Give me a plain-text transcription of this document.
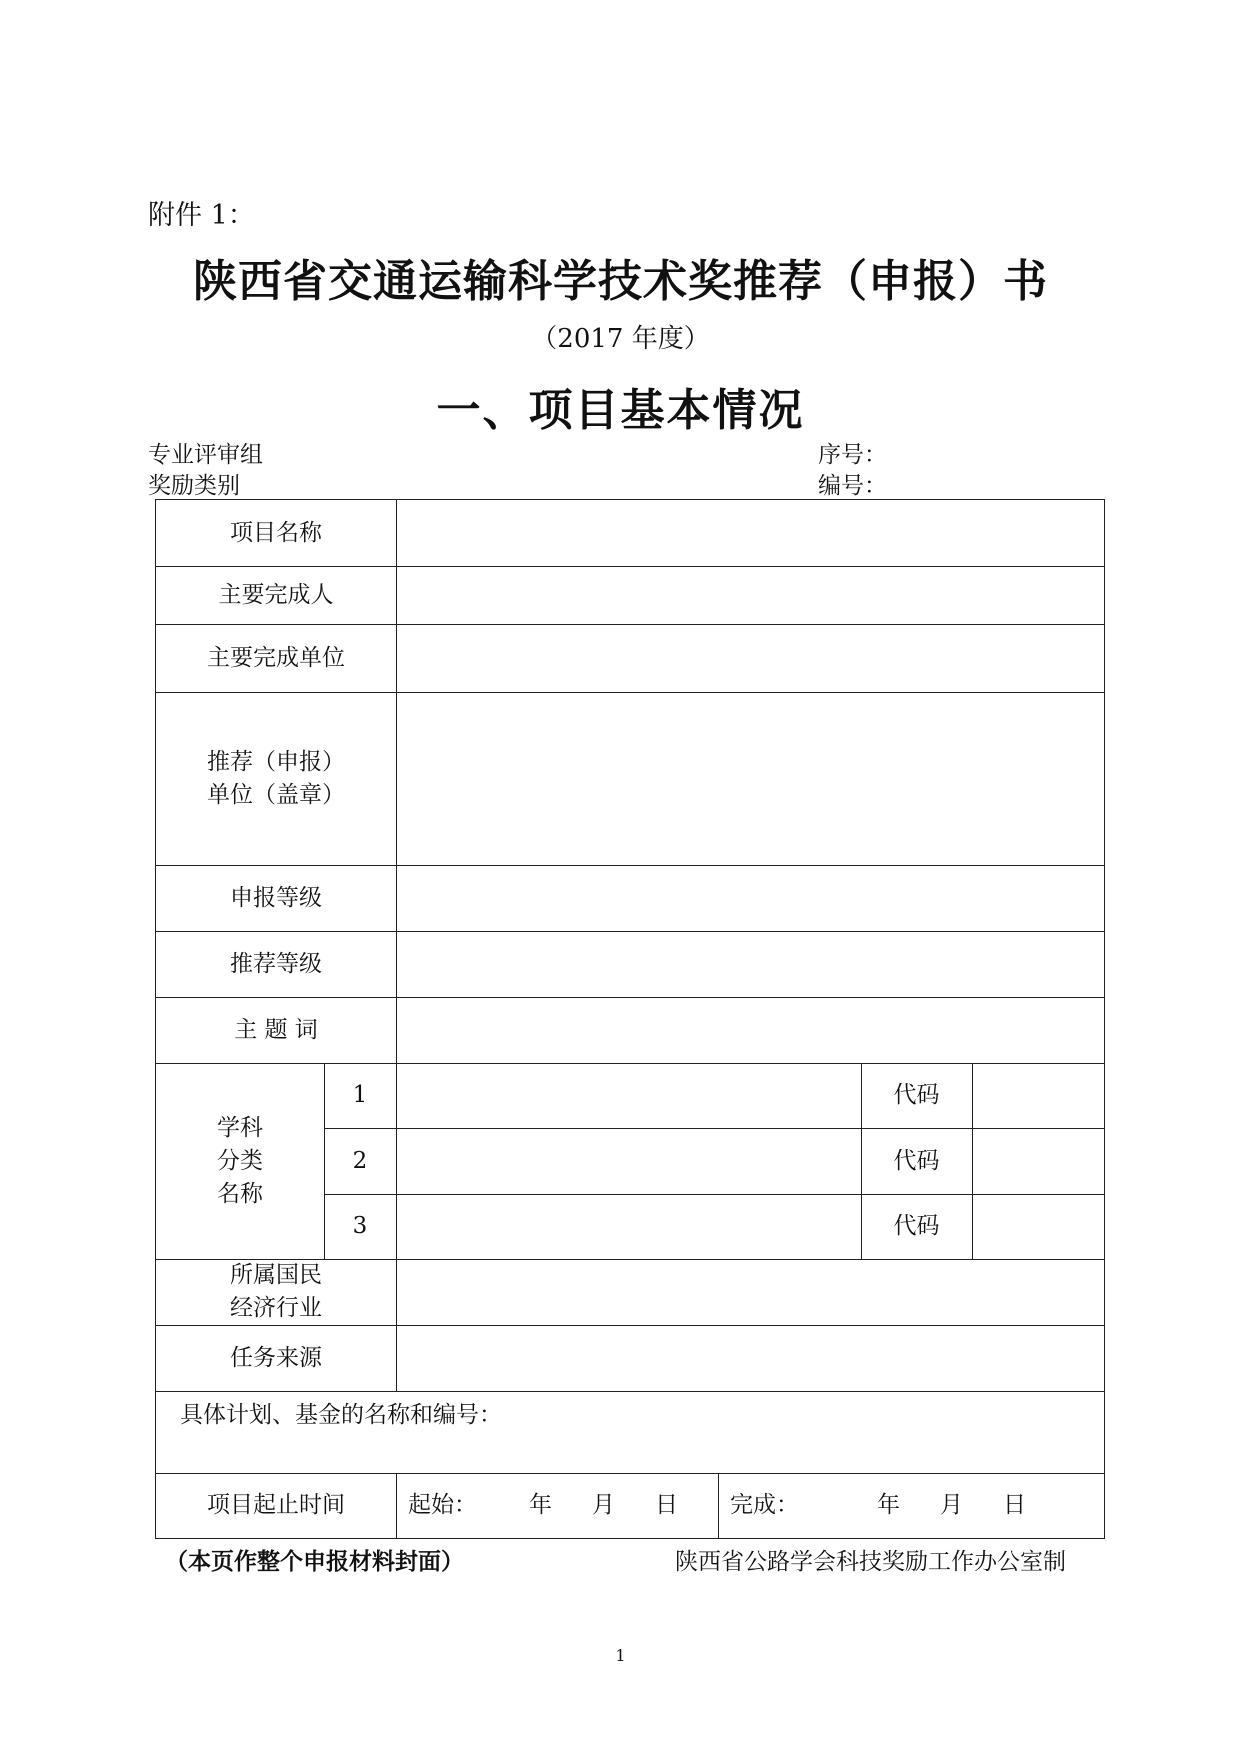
附件 1：
陕西省交通运输科学技术奖推荐（申报）书
（2017 年度）
一、项目基本情况
专业评审组
奖励类别
序号：
编号：
项目名称
主要完成人
主要完成单位
推荐（申报）
单位（盖章）
申报等级
推荐等级
主 题 词
学科
分类
名称
1	代码
2	代码
3	代码
所属国民
经济行业
任务来源
具体计划、基金的名称和编号：
项目起止时间	起始： 年 月 日 完成：	年 月 日
（本页作整个申报材料封面）	陕西省公路学会科技奖励工作办公室制
1
